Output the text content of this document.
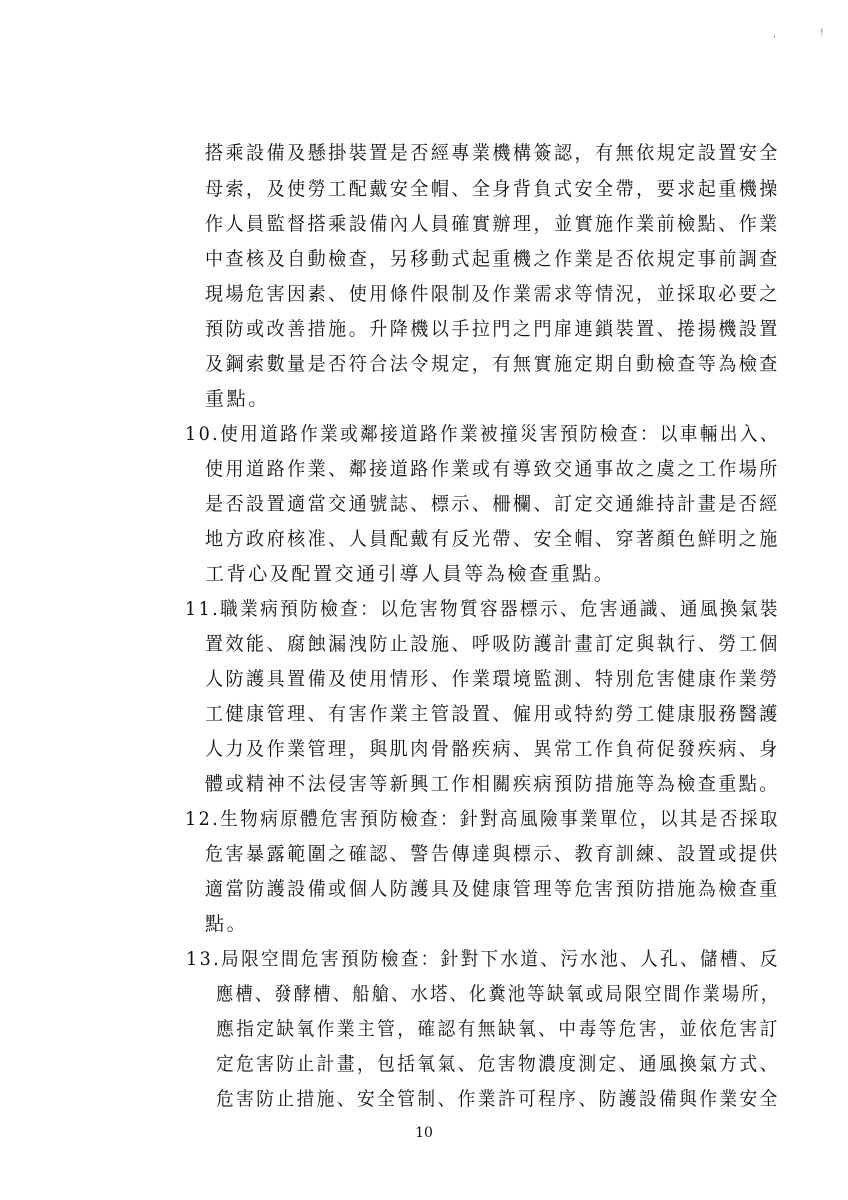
,	!
搭乘設備及懸掛裝置是否經專業機構簽認，有無依規定設置安全
母索，及使勞工配戴安全帽、全身背負式安全帶，要求起重機操
作人員監督搭乘設備內人員確實辦理，並實施作業前檢點、作業
中查核及自動檢查，另移動式起重機之作業是否依規定事前調查
現場危害因素、使用條件限制及作業需求等情況，並採取必要之
預防或改善措施。升降機以手拉門之門扉連鎖裝置、捲揚機設置
及鋼索數量是否符合法令規定，有無實施定期自動檢查等為檢查
重點。
10.使用道路作業或鄰接道路作業被撞災害預防檢查：以車輛出入、
使用道路作業、鄰接道路作業或有導致交通事故之虞之工作場所
是否設置適當交通號誌、標示、柵欄、訂定交通維持計畫是否經
地方政府核准、人員配戴有反光帶、安全帽、穿著顏色鮮明之施
工背心及配置交通引導人員等為檢查重點。
11.職業病預防檢查：以危害物質容器標示、危害通識、通風換氣裝
置效能、腐蝕漏洩防止設施、呼吸防護計畫訂定與執行、勞工個
人防護具置備及使用情形、作業環境監測、特別危害健康作業勞
工健康管理、有害作業主管設置、僱用或特約勞工健康服務醫護
人力及作業管理，與肌肉骨骼疾病、異常工作負荷促發疾病、身
體或精神不法侵害等新興工作相關疾病預防措施等為檢查重點。
12.生物病原體危害預防檢查：針對高風險事業單位，以其是否採取
危害暴露範圍之確認、警告傳達與標示、教育訓練、設置或提供
適當防護設備或個人防護具及健康管理等危害預防措施為檢查重
點。
13.局限空間危害預防檢查：針對下水道、污水池、人孔、儲槽、反
應槽、發酵槽、船艙、水塔、化糞池等缺氧或局限空間作業場所，
應指定缺氧作業主管，確認有無缺氧、中毒等危害，並依危害訂
定危害防止計畫，包括氧氣、危害物濃度測定、通風換氣方式、
危害防止措施、安全管制、作業許可程序、防護設備與作業安全
10
